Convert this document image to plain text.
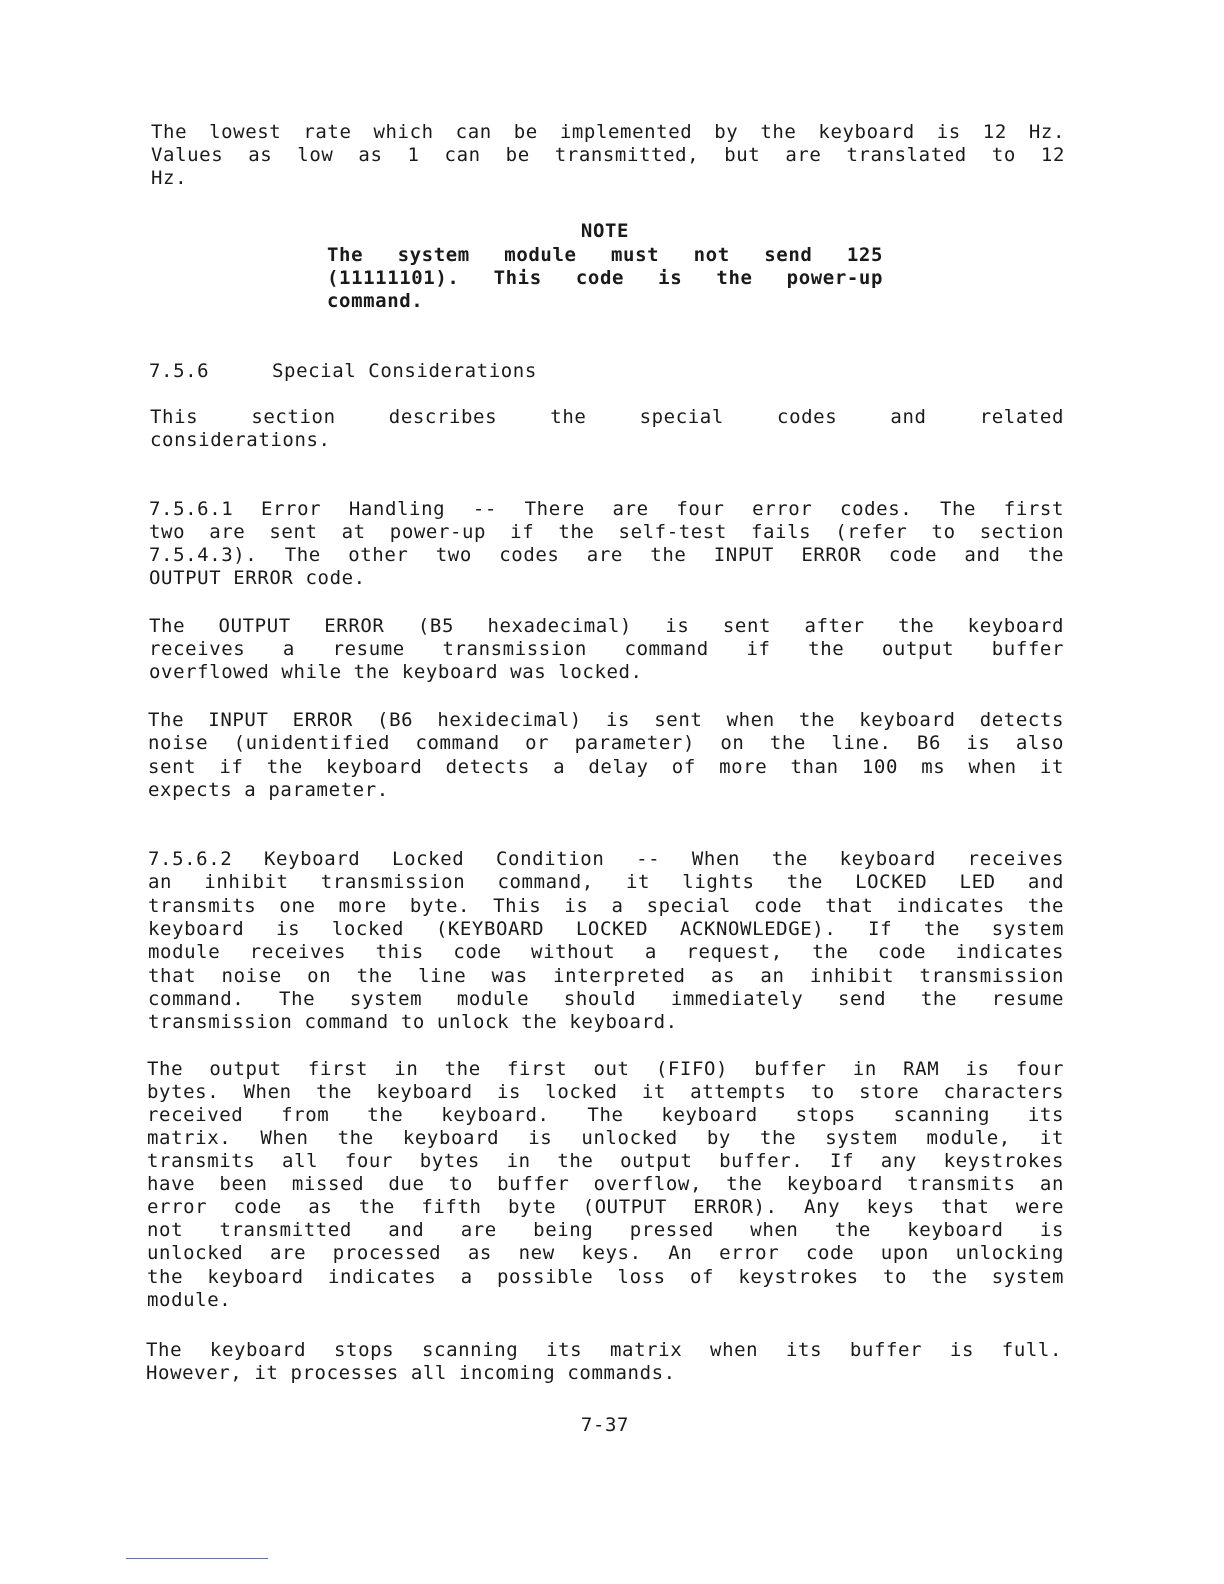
The lowest rate which can be implemented by the keyboard is 12 Hz.
Values as low as 1 can be transmitted, but are translated to 12
Hz.
NOTE
The system module must not send 125
(11111101). This code is the power-up
command.
7.5.6	Special Considerations
This section describes the special codes and related
considerations.
7.5.6.1 Error Handling -- There are four error codes. The first
two are sent at power-up if the self-test fails (refer to section
7.5.4.3). The other two codes are the INPUT ERROR code and the
OUTPUT ERROR code.
The OUTPUT ERROR (B5 hexadecimal) is sent after the keyboard
receives a resume transmission command if the output buffer
overflowed while the keyboard was locked.
The INPUT ERROR (B6 hexidecimal) is sent when the keyboard detects
noise (unidentified command or parameter) on the line. B6 is also
sent if the keyboard detects a delay of more than 100 ms when it
expects a parameter.
7.5.6.2 Keyboard Locked Condition -- When the keyboard receives
an inhibit transmission command, it lights the LOCKED LED and
transmits one more byte. This is a special code that indicates the
keyboard is locked (KEYBOARD LOCKED ACKNOWLEDGE). If the system
module receives this code without a request, the code indicates
that noise on the line was interpreted as an inhibit transmission
command. The system module should immediately send the resume
transmission command to unlock the keyboard.
The output first in the first out (FIFO) buffer in RAM is four
bytes. When the keyboard is locked it attempts to store characters
received from the keyboard. The keyboard stops scanning its
matrix. When the keyboard is unlocked by the system module, it
transmits all four bytes in the output buffer. If any keystrokes
have been missed due to buffer overflow, the keyboard transmits an
error code as the fifth byte (OUTPUT ERROR). Any keys that were
not transmitted and are being pressed when the keyboard is
unlocked are processed as new keys. An error code upon unlocking
the keyboard indicates a possible loss of keystrokes to the system
module.
The keyboard stops scanning its matrix when its buffer is full.
However, it processes all incoming commands.
7-37
